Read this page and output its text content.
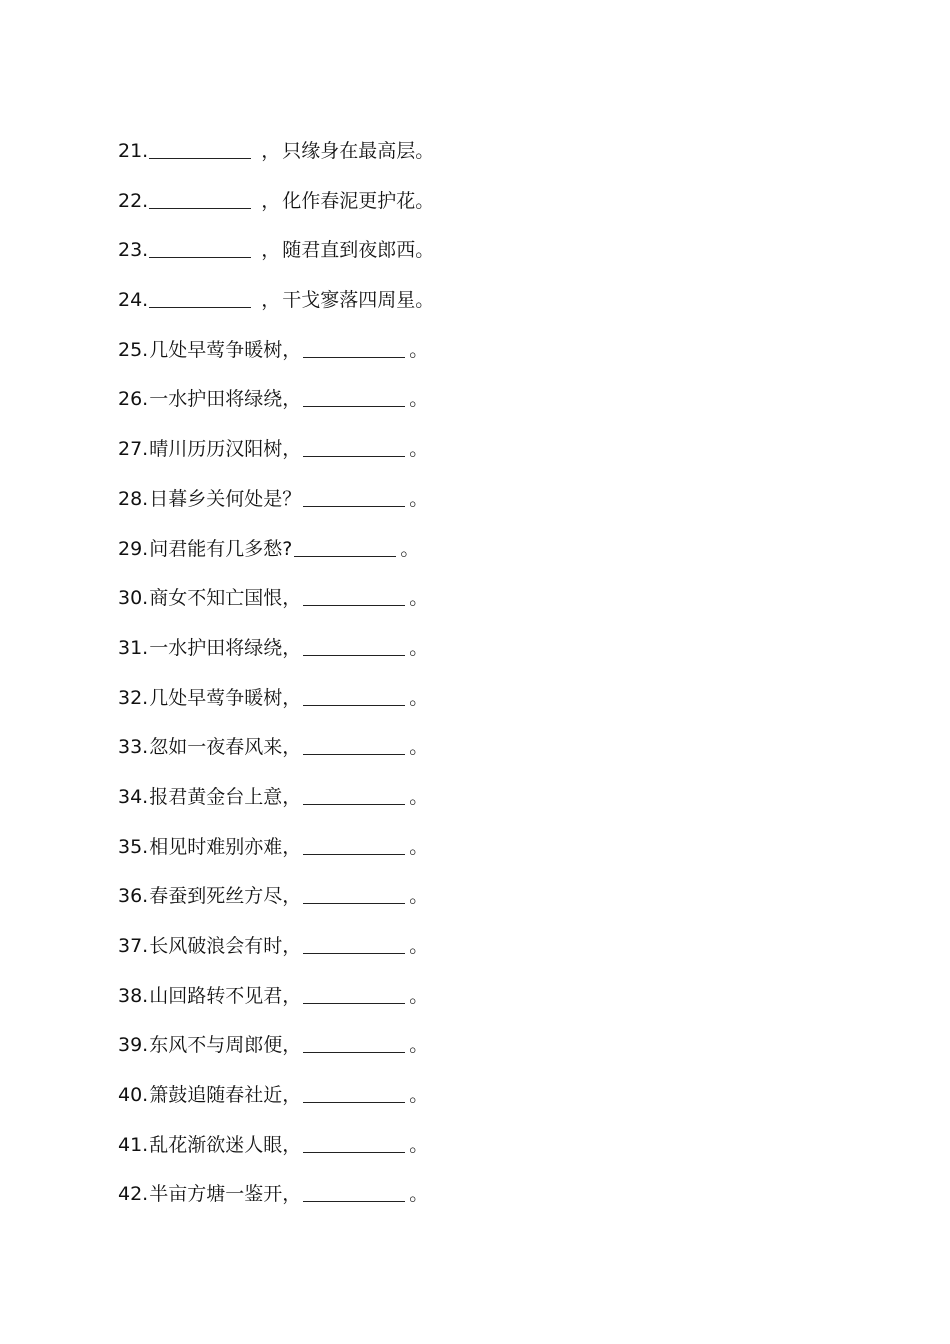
21.	， 只缘身在最高层。
22.	， 化作春泥更护花。
23.	， 随君直到夜郎西。
24.	， 干戈寥落四周星。
25. 几处早莺争暖树 ，	。
26. 一水护田将绿绕 ，	。
27. 晴川历历汉阳树 ，	。
28. 日暮乡关何处是 ？	。
29. 问君能有几多愁 ?	。
30. 商女不知亡国恨 ，	。
31. 一水护田将绿绕 ，	。
32. 几处早莺争暖树 ，	。
33. 忽如一夜春风来 ，	。
34. 报君黄金台上意 ，	。
35. 相见时难别亦难 ，	。
36. 春蚕到死丝方尽 ，	。
37. 长风破浪会有时 ，	。
38. 山回路转不见君 ，	。
39. 东风不与周郎便 ，	。
40. 箫鼓追随春社近 ，	。
41. 乱花渐欲迷人眼 ，	。
42. 半亩方塘一鉴开 ，	。
